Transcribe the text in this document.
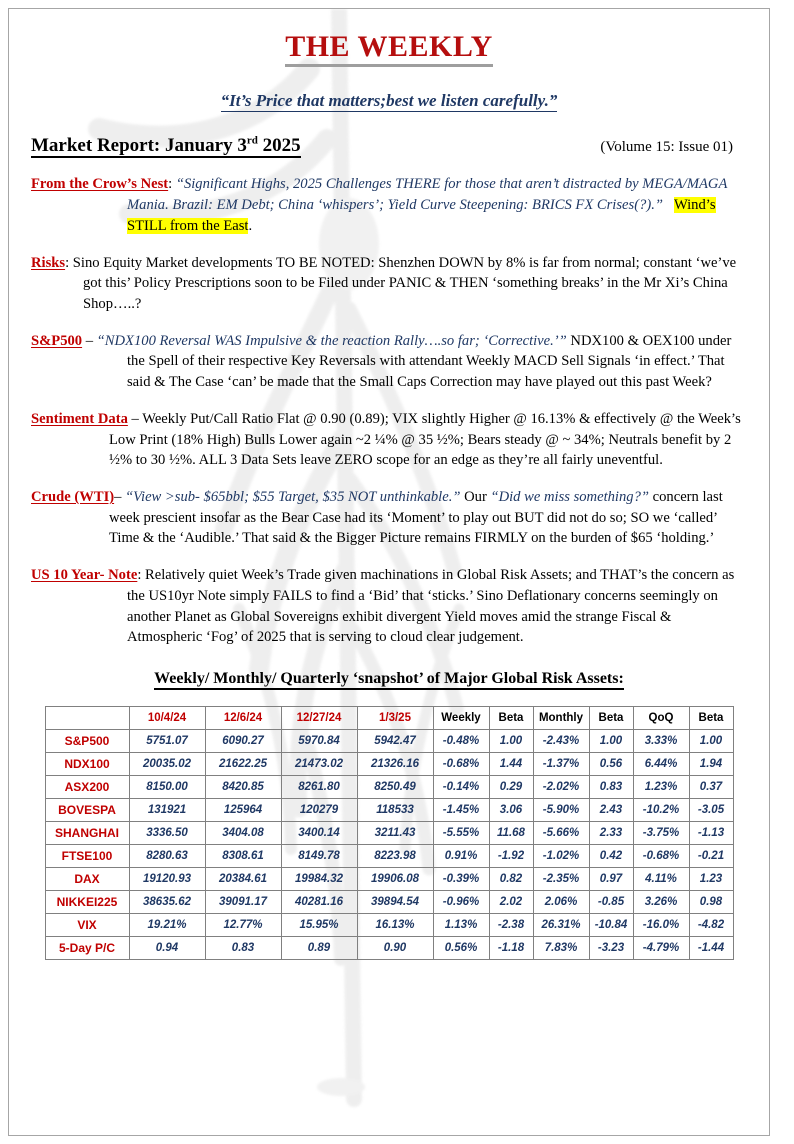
THE WEEKLY
“It’s Price that matters;best we listen carefully.”
Market Report: January 3rd 2025	(Volume 15: Issue 01)

From the Crow’s Nest: “Significant Highs, 2025 Challenges THERE for those that aren’t distracted by MEGA/MAGA Mania. Brazil: EM Debt; China ‘whispers’; Yield Curve Steepening: BRICS FX Crises(?).” Wind’s STILL from the East.

Risks: Sino Equity Market developments TO BE NOTED: Shenzhen DOWN by 8% is far from normal; constant ‘we’ve got this’ Policy Prescriptions soon to be Filed under PANIC & THEN ‘something breaks’ in the Mr Xi’s China Shop…..?

S&P500 – “NDX100 Reversal WAS Impulsive & the reaction Rally….so far; ‘Corrective.’” NDX100 & OEX100 under the Spell of their respective Key Reversals with attendant Weekly MACD Sell Signals ‘in effect.’ That said & The Case ‘can’ be made that the Small Caps Correction may have played out this past Week?

Sentiment Data – Weekly Put/Call Ratio Flat @ 0.90 (0.89); VIX slightly Higher @ 16.13% & effectively @ the Week’s Low Print (18% High) Bulls Lower again ~2 ¼% @ 35 ½%; Bears steady @ ~ 34%; Neutrals benefit by 2 ½% to 30 ½%. ALL 3 Data Sets leave ZERO scope for an edge as they’re all fairly uneventful.

Crude (WTI)– “View >sub- $65bbl; $55 Target, $35 NOT unthinkable.” Our “Did we miss something?” concern last week prescient insofar as the Bear Case had its ‘Moment’ to play out BUT did not do so; SO we ‘called’ Time & the ‘Audible.’ That said & the Bigger Picture remains FIRMLY on the burden of $65 ‘holding.’

US 10 Year- Note: Relatively quiet Week’s Trade given machinations in Global Risk Assets; and THAT’s the concern as the US10yr Note simply FAILS to find a ‘Bid’ that ‘sticks.’ Sino Deflationary concerns seemingly on another Planet as Global Sovereigns exhibit divergent Yield moves amid the strange Fiscal & Atmospheric ‘Fog’ of 2025 that is serving to cloud clear judgement.

Weekly/ Monthly/ Quarterly ‘snapshot’ of Major Global Risk Assets:
	10/4/24	12/6/24	12/27/24	1/3/25	Weekly	Beta	Monthly	Beta	QoQ	Beta
S&P500	5751.07	6090.27	5970.84	5942.47	-0.48%	1.00	-2.43%	1.00	3.33%	1.00
NDX100	20035.02	21622.25	21473.02	21326.16	-0.68%	1.44	-1.37%	0.56	6.44%	1.94
ASX200	8150.00	8420.85	8261.80	8250.49	-0.14%	0.29	-2.02%	0.83	1.23%	0.37
BOVESPA	131921	125964	120279	118533	-1.45%	3.06	-5.90%	2.43	-10.2%	-3.05
SHANGHAI	3336.50	3404.08	3400.14	3211.43	-5.55%	11.68	-5.66%	2.33	-3.75%	-1.13
FTSE100	8280.63	8308.61	8149.78	8223.98	0.91%	-1.92	-1.02%	0.42	-0.68%	-0.21
DAX	19120.93	20384.61	19984.32	19906.08	-0.39%	0.82	-2.35%	0.97	4.11%	1.23
NIKKEI225	38635.62	39091.17	40281.16	39894.54	-0.96%	2.02	2.06%	-0.85	3.26%	0.98
VIX	19.21%	12.77%	15.95%	16.13%	1.13%	-2.38	26.31%	-10.84	-16.0%	-4.82
5-Day P/C	0.94	0.83	0.89	0.90	0.56%	-1.18	7.83%	-3.23	-4.79%	-1.44
